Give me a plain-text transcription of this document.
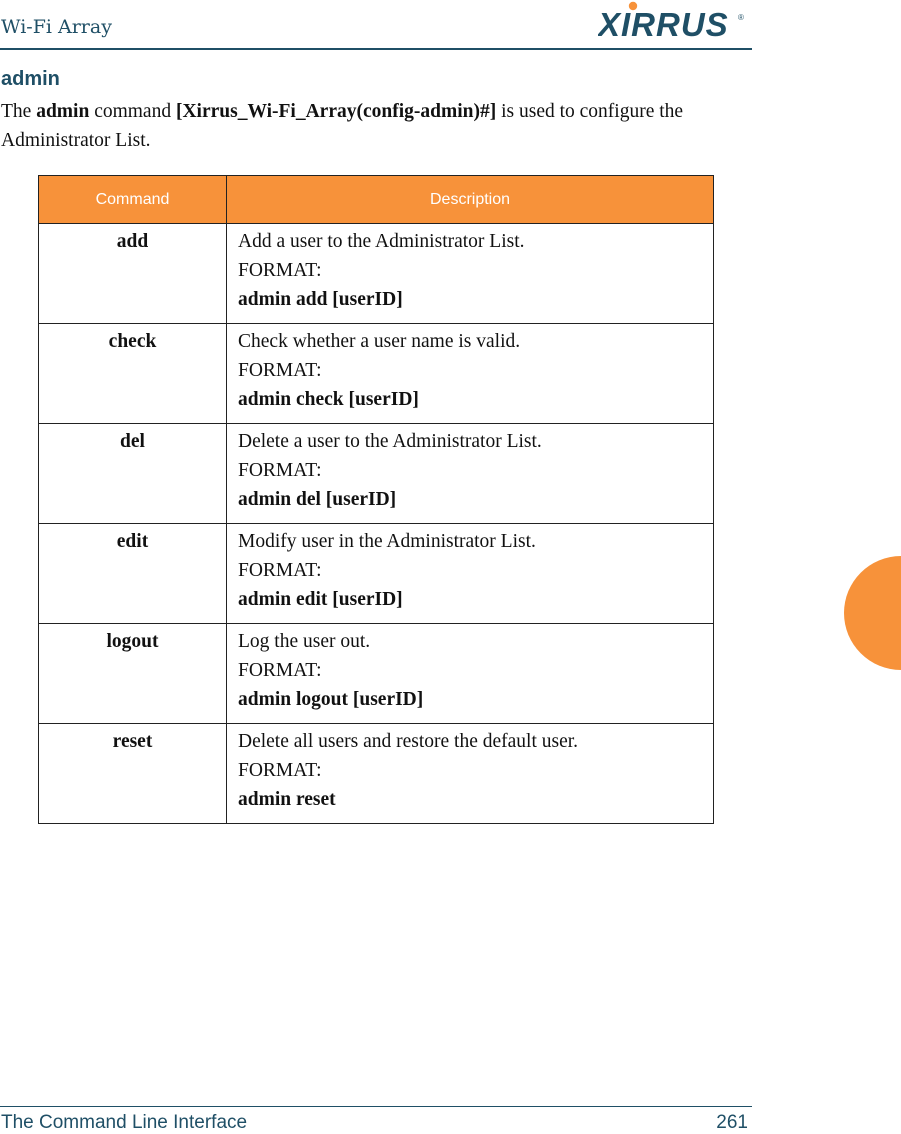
Wi-Fi Array	XIRRUS ®
admin
The admin command [Xirrus_Wi-Fi_Array(config-admin)#] is used to configure the Administrator List.
Command	Description

add	Add a user to the Administrator List.
FORMAT:
admin add [userID]

check	Check whether a user name is valid.
FORMAT:
admin check [userID]

del	Delete a user to the Administrator List.
FORMAT:
admin del [userID]

edit	Modify user in the Administrator List.
FORMAT:
admin edit [userID]

logout	Log the user out.
FORMAT:
admin logout [userID]

reset	Delete all users and restore the default user.
FORMAT:
admin reset
The Command Line Interface	261
